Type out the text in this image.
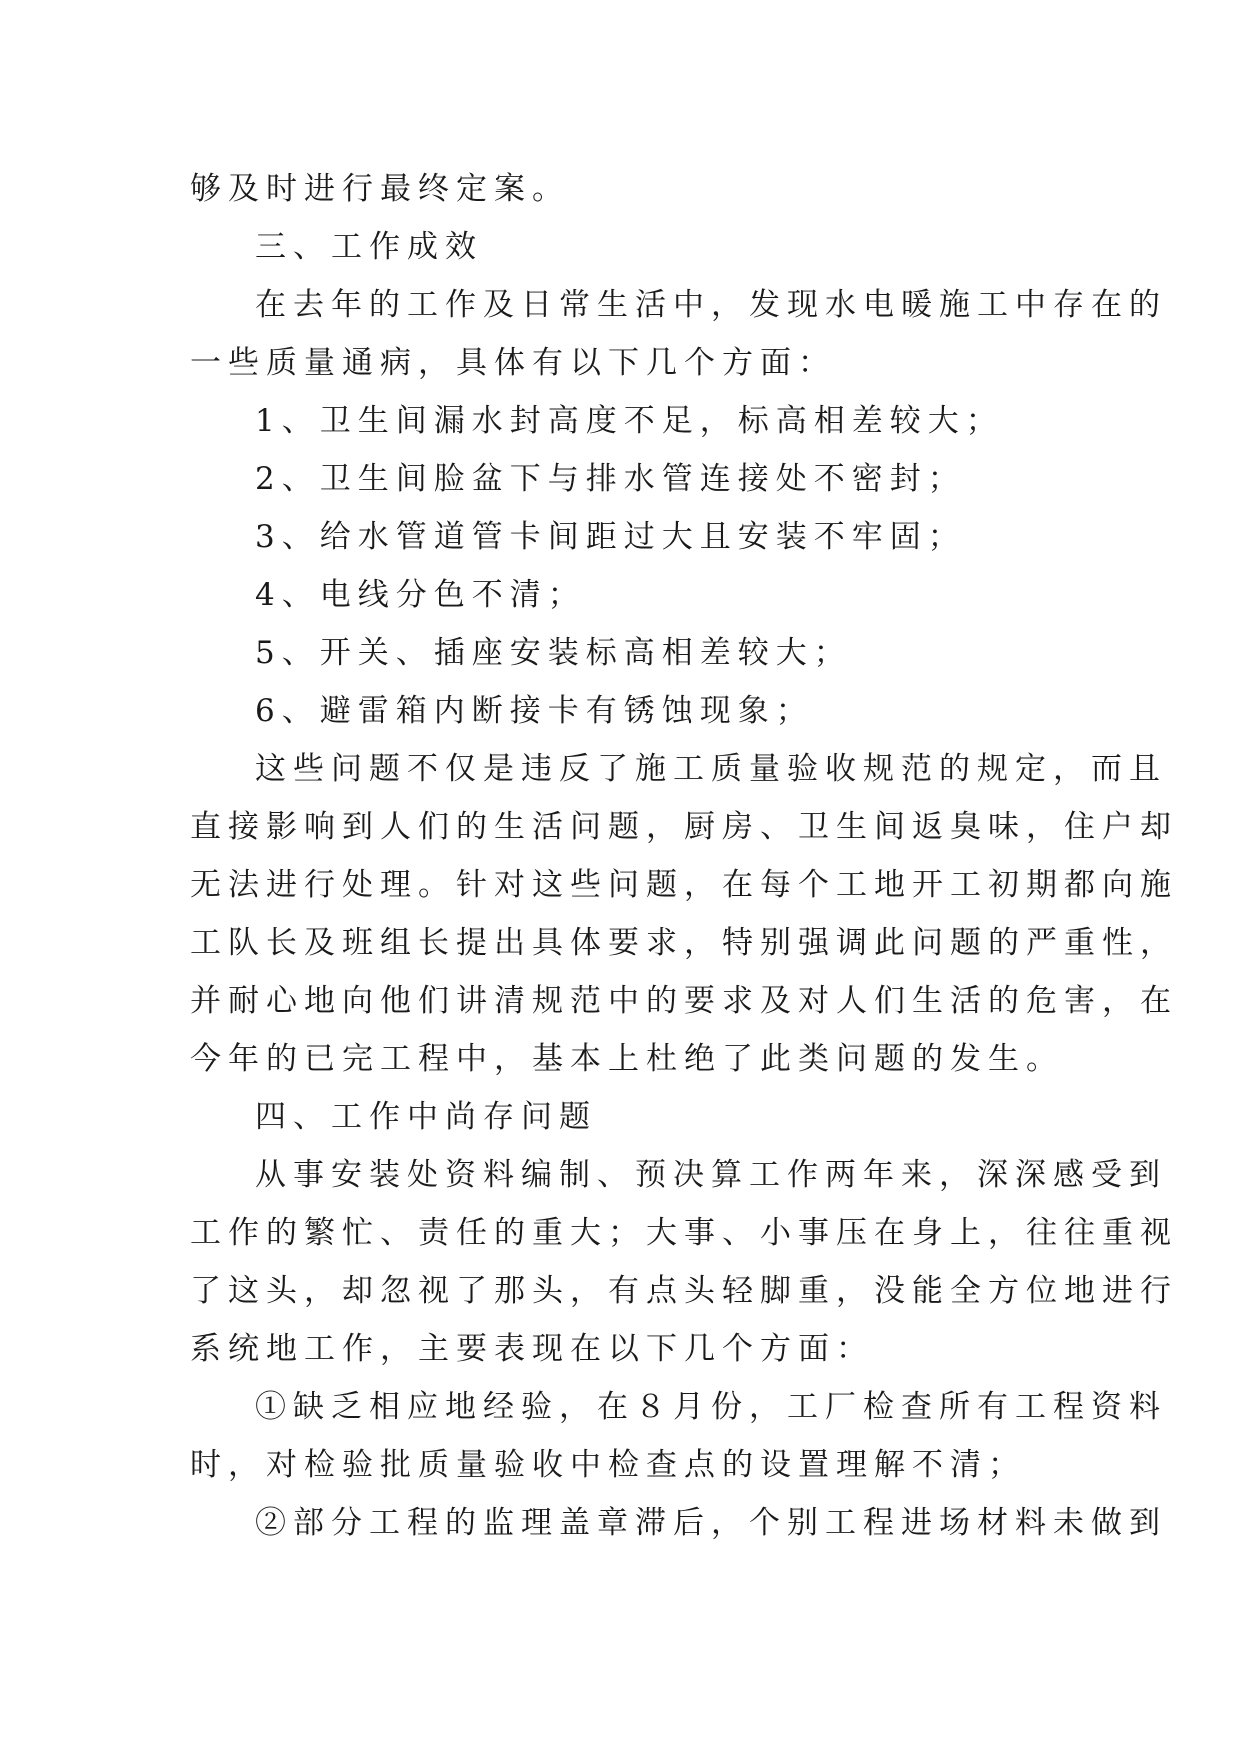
够及时进行最终定案。
三、工作成效
在去年的工作及日常生活中，发现水电暖施工中存在的
一些质量通病，具体有以下几个方面：
1、卫生间漏水封高度不足，标高相差较大；
2、卫生间脸盆下与排水管连接处不密封；
3、给水管道管卡间距过大且安装不牢固；
4、电线分色不清；
5、开关、插座安装标高相差较大；
6、避雷箱内断接卡有锈蚀现象；
这些问题不仅是违反了施工质量验收规范的规定，而且
直接影响到人们的生活问题，厨房、卫生间返臭味，住户却
无法进行处理。针对这些问题，在每个工地开工初期都向施
工队长及班组长提出具体要求，特别强调此问题的严重性，
并耐心地向他们讲清规范中的要求及对人们生活的危害，在
今年的已完工程中，基本上杜绝了此类问题的发生。
四、工作中尚存问题
从事安装处资料编制、预决算工作两年来，深深感受到
工作的繁忙、责任的重大；大事、小事压在身上，往往重视
了这头，却忽视了那头，有点头轻脚重，没能全方位地进行
系统地工作，主要表现在以下几个方面：
①缺乏相应地经验，在８月份，工厂检查所有工程资料
时，对检验批质量验收中检查点的设置理解不清；
②部分工程的监理盖章滞后，个别工程进场材料未做到
